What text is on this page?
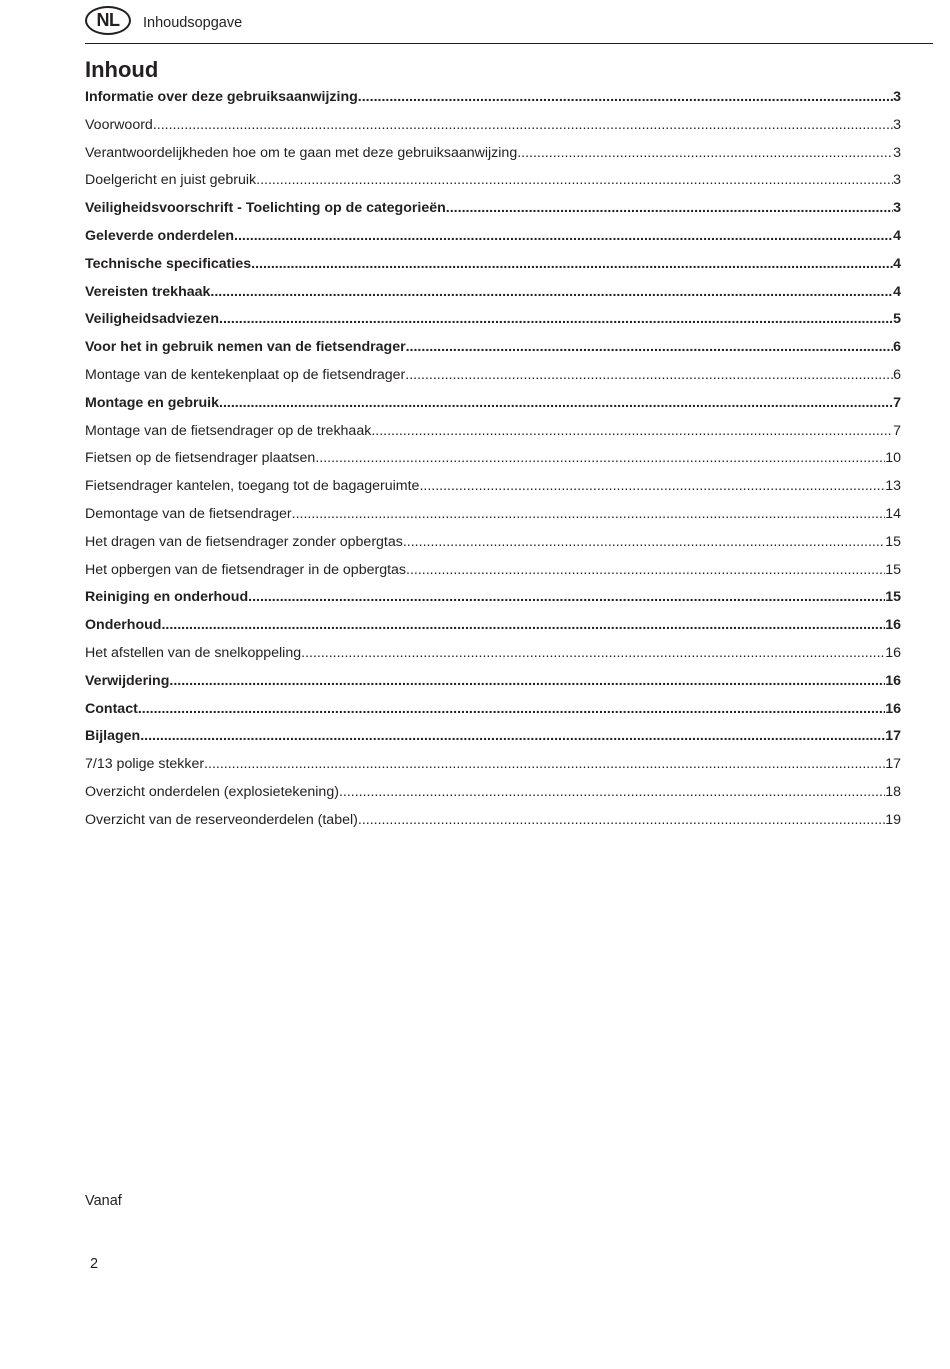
NL	Inhoudsopgave
Inhoud
Informatie over deze gebruiksaanwijzing .....	3
Voorwoord .....	3
Verantwoordelijkheden hoe om te gaan met deze gebruiksaanwijzing .....	3
Doelgericht en juist gebruik .....	3
Veiligheidsvoorschrift - Toelichting op de categorieën .....	3
Geleverde onderdelen .....	4
Technische specificaties .....	4
Vereisten trekhaak .....	4
Veiligheidsadviezen .....	5
Voor het in gebruik nemen van de fietsendrager .....	6
Montage van de kentekenplaat op de fietsendrager .....	6
Montage en gebruik .....	7
Montage van de fietsendrager op de trekhaak .....	7
Fietsen op de fietsendrager plaatsen .....	10
Fietsendrager kantelen, toegang tot de bagageruimte .....	13
Demontage van de fietsendrager .....	14
Het dragen van de fietsendrager zonder opbergtas .....	15
Het opbergen van de fietsendrager in de opbergtas .....	15
Reiniging en onderhoud .....	15
Onderhoud .....	16
Het afstellen van de snelkoppeling .....	16
Verwijdering .....	16
Contact .....	16
Bijlagen .....	17
7/13 polige stekker .....	17
Overzicht onderdelen (explosietekening) .....	18
Overzicht van de reserveonderdelen (tabel) .....	19
Vanaf
2
